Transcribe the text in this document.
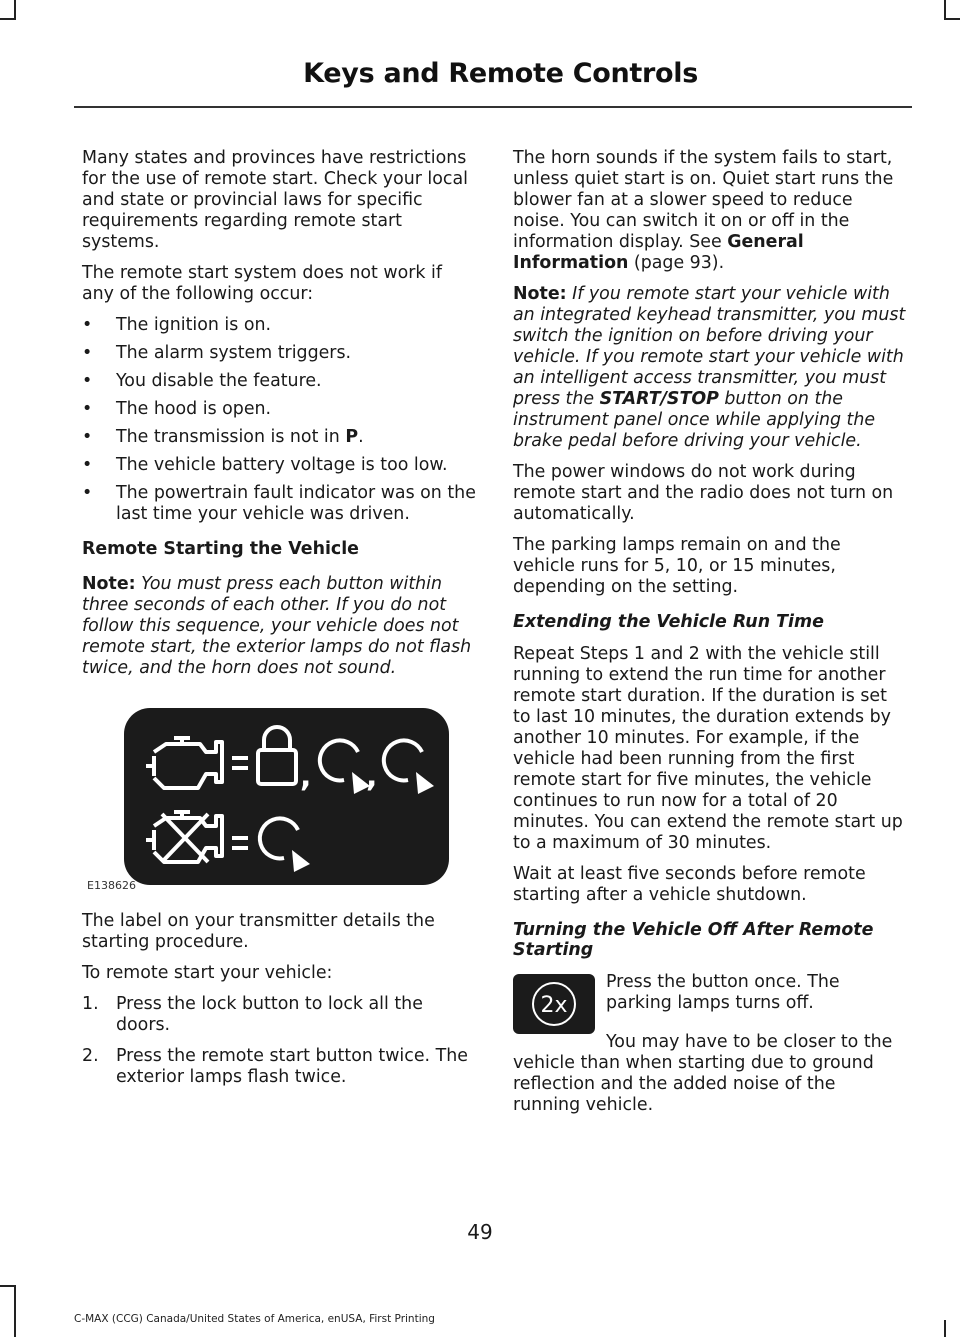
Keys and Remote Controls

Many states and provinces have restrictions for the use of remote start. Check your local and state or provincial laws for specific requirements regarding remote start systems.

The remote start system does not work if any of the following occur:

• The ignition is on.
• The alarm system triggers.
• You disable the feature.
• The hood is open.
• The transmission is not in P.
• The vehicle battery voltage is too low.
• The powertrain fault indicator was on the last time your vehicle was driven.
Remote Starting the Vehicle

Note: You must press each button within three seconds of each other. If you do not follow this sequence, your vehicle does not remote start, the exterior lamps do not flash twice, and the horn does not sound.

, ,
E138626

The label on your transmitter details the starting procedure.

To remote start your vehicle:

1. Press the lock button to lock all the doors.
2. Press the remote start button twice. The exterior lamps flash twice.

The horn sounds if the system fails to start, unless quiet start is on. Quiet start runs the blower fan at a slower speed to reduce noise. You can switch it on or off in the information display. See General Information (page 93).

Note: If you remote start your vehicle with an integrated keyhead transmitter, you must switch the ignition on before driving your vehicle. If you remote start your vehicle with an intelligent access transmitter, you must press the START/STOP button on the instrument panel once while applying the brake pedal before driving your vehicle.

The power windows do not work during remote start and the radio does not turn on automatically.

The parking lamps remain on and the vehicle runs for 5, 10, or 15 minutes, depending on the setting.

Extending the Vehicle Run Time

Repeat Steps 1 and 2 with the vehicle still running to extend the run time for another remote start duration. If the duration is set to last 10 minutes, the duration extends by another 10 minutes. For example, if the vehicle had been running from the first remote start for five minutes, the vehicle continues to run now for a total of 20 minutes. You can extend the remote start up to a maximum of 30 minutes.

Wait at least five seconds before remote starting after a vehicle shutdown.

Turning the Vehicle Off After Remote Starting
2x

Press the button once. The parking lamps turns off.

You may have to be closer to the vehicle than when starting due to ground reflection and the added noise of the running vehicle.

49
C-MAX (CCG) Canada/United States of America, enUSA, First Printing
